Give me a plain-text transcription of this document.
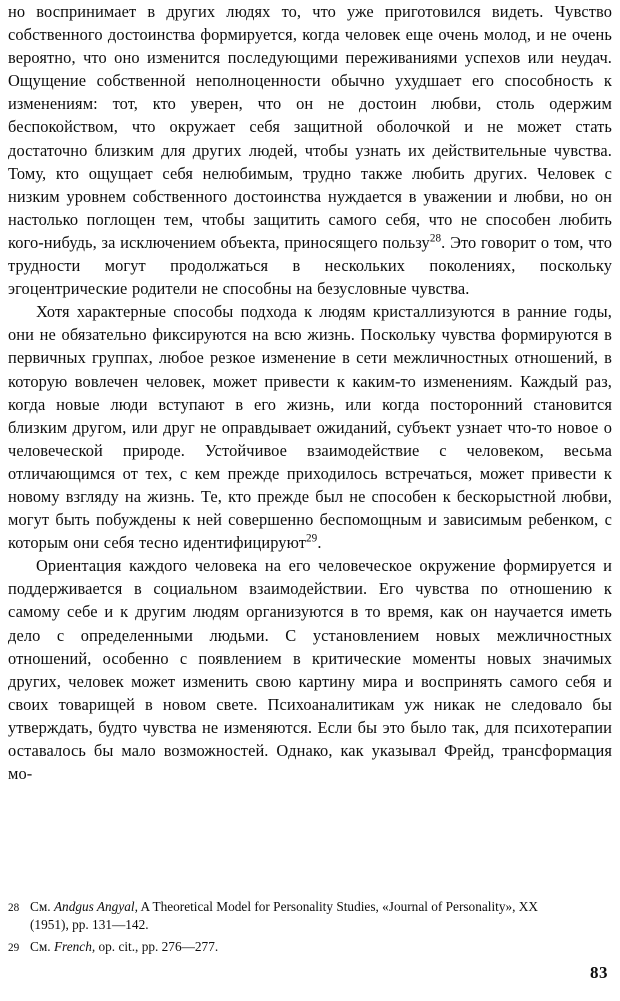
но воспринимает в других людях то, что уже приготовился видеть. Чувство собственного достоинства формируется, когда человек еще очень молод, и не очень вероятно, что оно изменится последующими переживаниями успехов или неудач. Ощущение собственной неполноценности обычно ухудшает его способность к изменениям: тот, кто уверен, что он не достоин любви, столь одержим беспокойством, что окружает себя защитной оболочкой и не может стать достаточно близким для других людей, чтобы узнать их действительные чувства. Тому, кто ощущает себя нелюбимым, трудно также любить других. Человек с низким уровнем собственного достоинства нуждается в уважении и любви, но он настолько поглощен тем, чтобы защитить самого себя, что не способен любить кого-нибудь, за исключением объекта, приносящего пользу$^{28}$. Это говорит о том, что трудности могут продолжаться в нескольких поколениях, поскольку эгоцентрические родители не способны на безусловные чувства.

Хотя характерные способы подхода к людям кристаллизуются в ранние годы, они не обязательно фиксируются на всю жизнь. Поскольку чувства формируются в первичных группах, любое резкое изменение в сети межличностных отношений, в которую вовлечен человек, может привести к каким-то изменениям. Каждый раз, когда новые люди вступают в его жизнь, или когда посторонний становится близким другом, или друг не оправдывает ожиданий, субъект узнает что-то новое о человеческой природе. Устойчивое взаимодействие с человеком, весьма отличающимся от тех, с кем прежде приходилось встречаться, может привести к новому взгляду на жизнь. Те, кто прежде был не способен к бескорыстной любви, могут быть побуждены к ней совершенно беспомощным и зависимым ребенком, с которым они себя тесно идентифицируют$^{29}$.

Ориентация каждого человека на его человеческое окружение формируется и поддерживается в социальном взаимодействии. Его чувства по отношению к самому себе и к другим людям организуются в то время, как он научается иметь дело с определенными людьми. С установлением новых межличностных отношений, особенно с появлением в критические моменты новых значимых других, человек может изменить свою картину мира и воспринять самого себя и своих товарищей в новом свете. Психоаналитикам уж никак не следовало бы утверждать, будто чувства не изменяются. Если бы это было так, для психотерапии оставалось бы мало возможностей. Однако, как указывал Фрейд, трансформация мо-

28 См. Andgus Angyal, A Theoretical Model for Personality Studies, «Journal of Personality», XX (1951), pp. 131—142.
29 См. French, op. cit., pp. 276—277.
83
